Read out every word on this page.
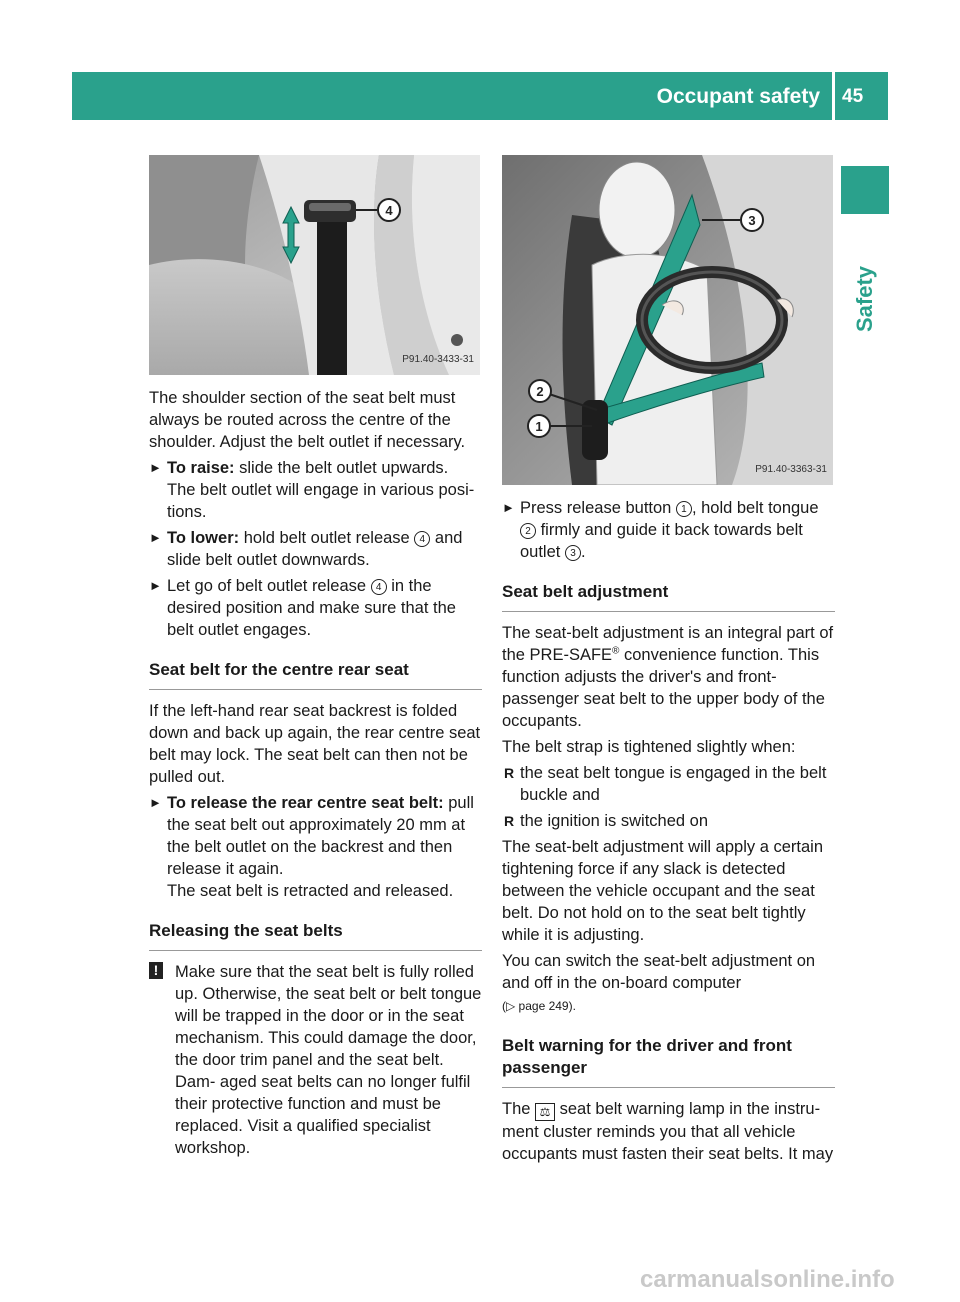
Occupant safety 45
Safety
4
P91.40-3433-31
2
1
3
P91.40-3363-31

The shoulder section of the seat belt must always be routed across the centre of the shoulder. Adjust the belt outlet if necessary.

► To raise: slide the belt outlet upwards.
The belt outlet will engage in various posi- tions.
► To lower: hold belt outlet release 4 and slide belt outlet downwards.
► Let go of belt outlet release 4 in the desired position and make sure that the belt outlet engages.
Seat belt for the centre rear seat

If the left-hand rear seat backrest is folded down and back up again, the rear centre seat belt may lock. The seat belt can then not be pulled out.

► To release the rear centre seat belt: pull the seat belt out approximately 20 mm at the belt outlet on the backrest and then release it again.
The seat belt is retracted and released.
Releasing the seat belts
! Make sure that the seat belt is fully rolled up. Otherwise, the seat belt or belt tongue will be trapped in the door or in the seat mechanism. This could damage the door, the door trim panel and the seat belt. Dam- aged seat belts can no longer fulfil their protective function and must be replaced. Visit a qualified specialist workshop.
► Press release button 1 , hold belt tongue 2 firmly and guide it back towards belt outlet 3 .
Seat belt adjustment

The seat-belt adjustment is an integral part of the PRE-SAFE® convenience function. This function adjusts the driver's and front- passenger seat belt to the upper body of the occupants.

The belt strap is tightened slightly when:

R the seat belt tongue is engaged in the belt buckle and
R the ignition is switched on

The seat-belt adjustment will apply a certain tightening force if any slack is detected between the vehicle occupant and the seat belt. Do not hold on to the seat belt tightly while it is adjusting.

You can switch the seat-belt adjustment on and off in the on-board computer
(▷ page 249).

Belt warning for the driver and front passenger

The ⚖ seat belt warning lamp in the instru- ment cluster reminds you that all vehicle occupants must fasten their seat belts. It may

carmanualsonline.info
